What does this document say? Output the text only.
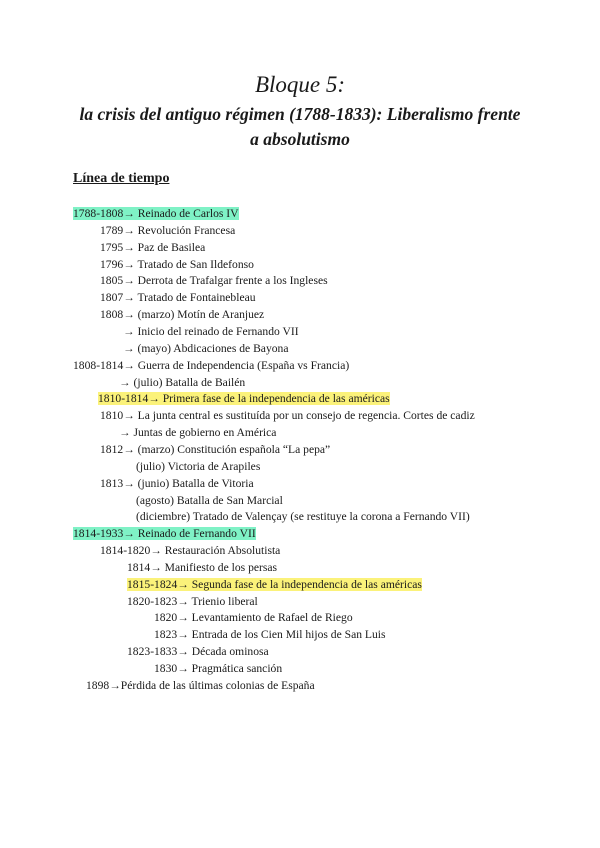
Bloque 5:
la crisis del antiguo régimen (1788-1833): Liberalismo frente
a absolutismo
Línea de tiempo
1788-1808→ Reinado de Carlos IV
1789→ Revolución Francesa
1795→ Paz de Basilea
1796→ Tratado de San Ildefonso
1805→ Derrota de Trafalgar frente a los Ingleses
1807→ Tratado de Fontainebleau
1808→ (marzo) Motín de Aranjuez
→ Inicio del reinado de Fernando VII
→ (mayo) Abdicaciones de Bayona
1808-1814→ Guerra de Independencia (España vs Francia)
→ (julio) Batalla de Bailén
1810-1814→ Primera fase de la independencia de las américas
1810→ La junta central es sustituída por un consejo de regencia. Cortes de cadiz
→ Juntas de gobierno en América
1812→ (marzo) Constitución española “La pepa”
(julio) Victoria de Arapiles
1813→ (junio) Batalla de Vitoria
(agosto) Batalla de San Marcial
(diciembre) Tratado de Valençay (se restituye la corona a Fernando VII)
1814-1933→ Reinado de Fernando VII
1814-1820→ Restauración Absolutista
1814→ Manifiesto de los persas
1815-1824→ Segunda fase de la independencia de las américas
1820-1823→ Trienio liberal
1820→ Levantamiento de Rafael de Riego
1823→ Entrada de los Cien Mil hijos de San Luis
1823-1833→ Década ominosa
1830→ Pragmática sanción
1898→Pérdida de las últimas colonias de España
